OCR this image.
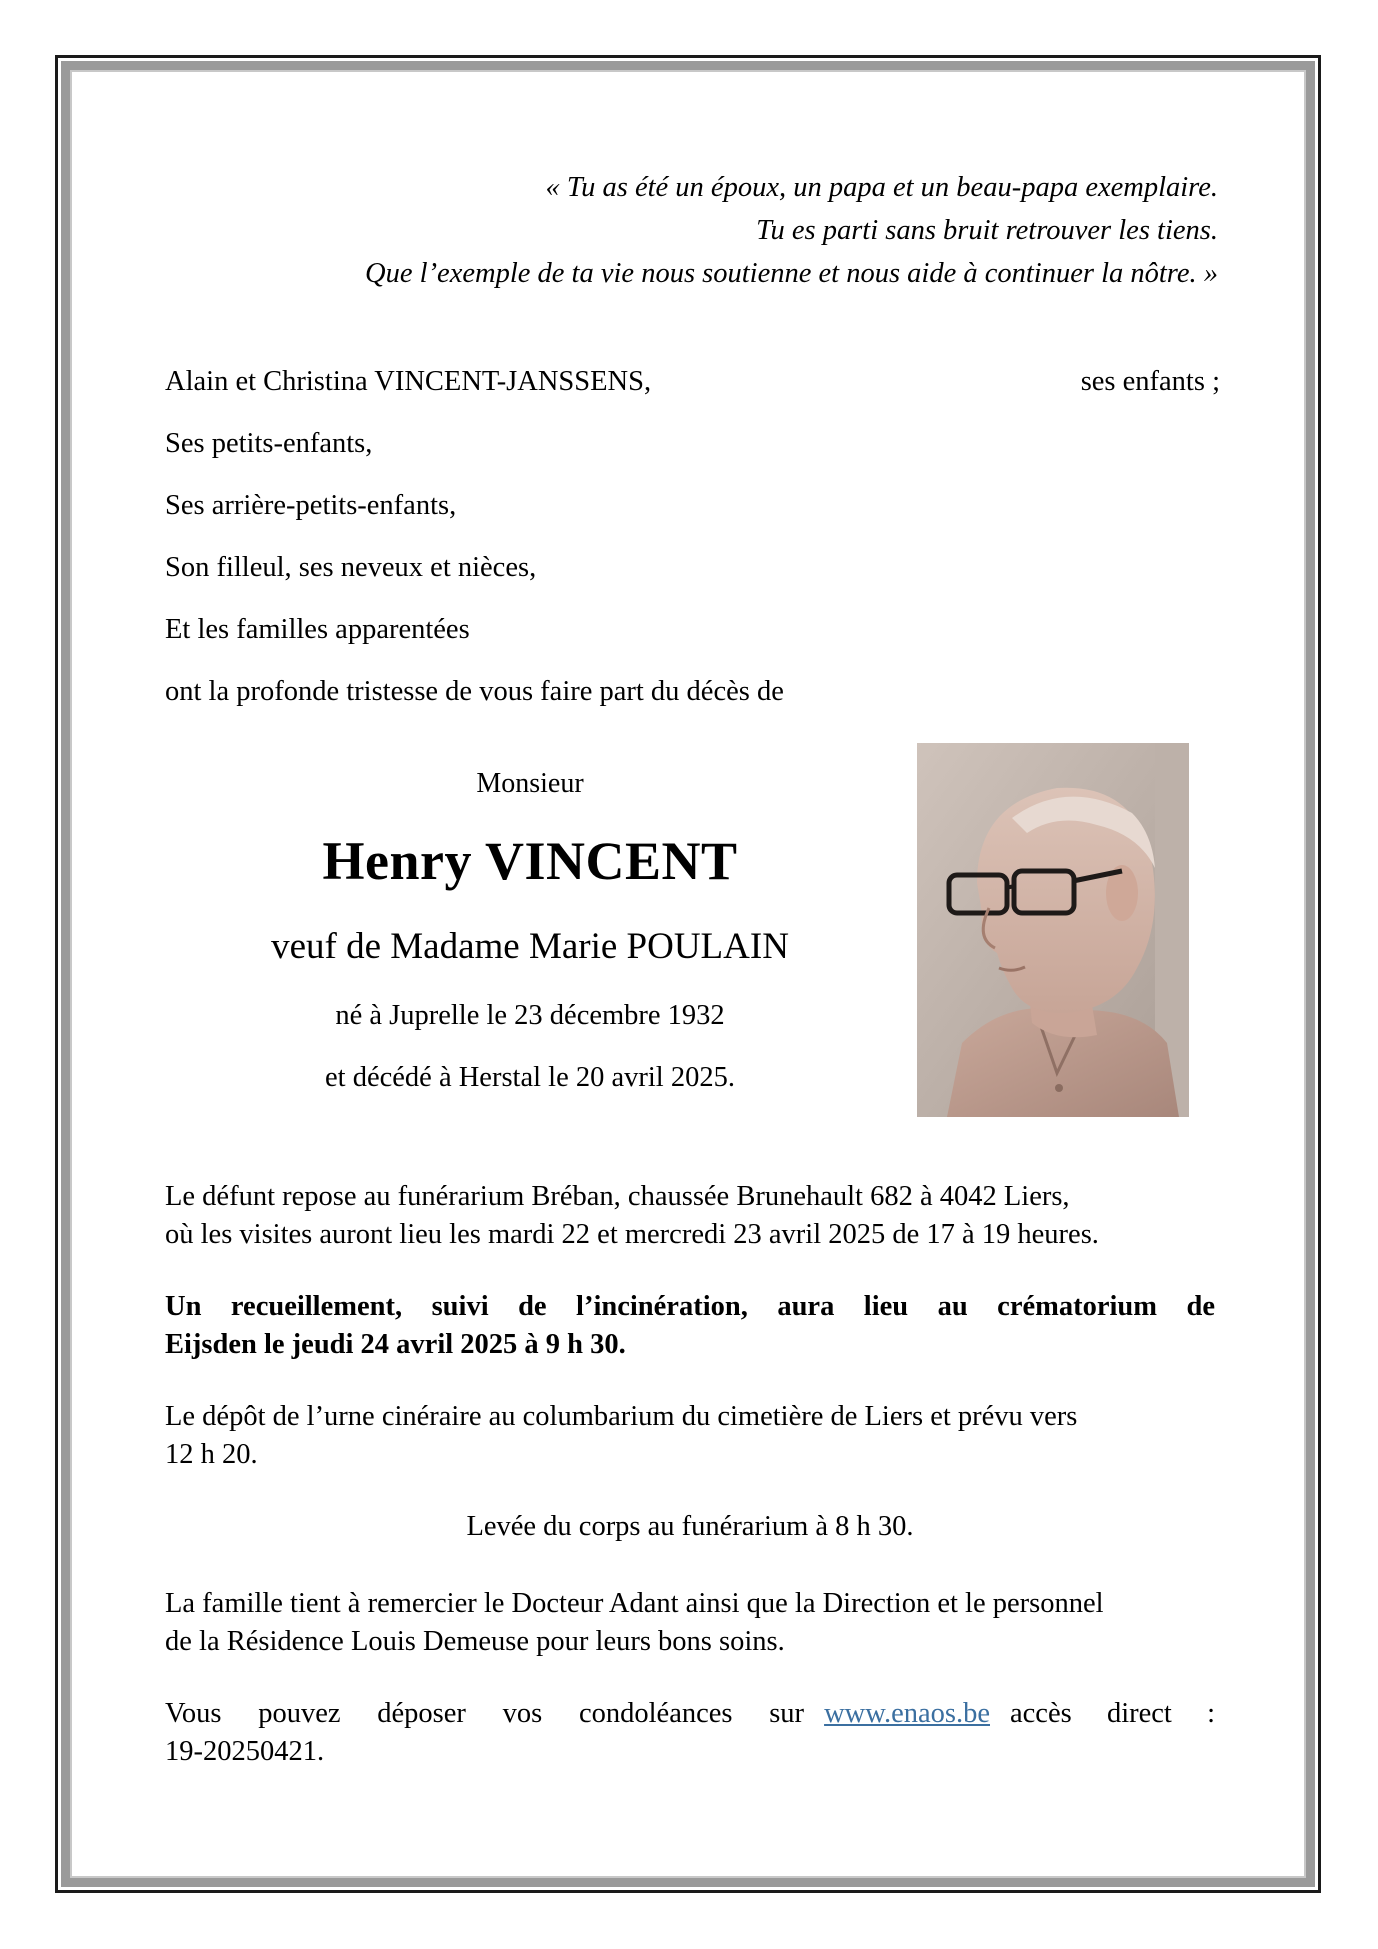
« Tu as été un époux, un papa et un beau-papa exemplaire.
Tu es parti sans bruit retrouver les tiens.
Que l’exemple de ta vie nous soutienne et nous aide à continuer la nôtre. »
Alain et Christina VINCENT-JANSSENS,	ses enfants ;
Ses petits-enfants,
Ses arrière-petits-enfants,
Son filleul, ses neveux et nièces,
Et les familles apparentées
ont la profonde tristesse de vous faire part du décès de
Monsieur
Henry VINCENT
veuf de Madame Marie POULAIN
né à Juprelle le 23 décembre 1932
et décédé à Herstal le 20 avril 2025.
Le défunt repose au funérarium Bréban, chaussée Brunehault 682 à 4042 Liers,
où les visites auront lieu les mardi 22 et mercredi 23 avril 2025 de 17 à 19 heures.
Un recueillement, suivi de l’incinération, aura lieu au crématorium de
Eijsden le jeudi 24 avril 2025 à 9 h 30.
Le dépôt de l’urne cinéraire au columbarium du cimetière de Liers et prévu vers
12 h 20.
Levée du corps au funérarium à 8 h 30.
La famille tient à remercier le Docteur Adant ainsi que la Direction et le personnel
de la Résidence Louis Demeuse pour leurs bons soins.
Vous pouvez déposer vos condoléances sur www.enaos.be accès direct :
19-20250421.
